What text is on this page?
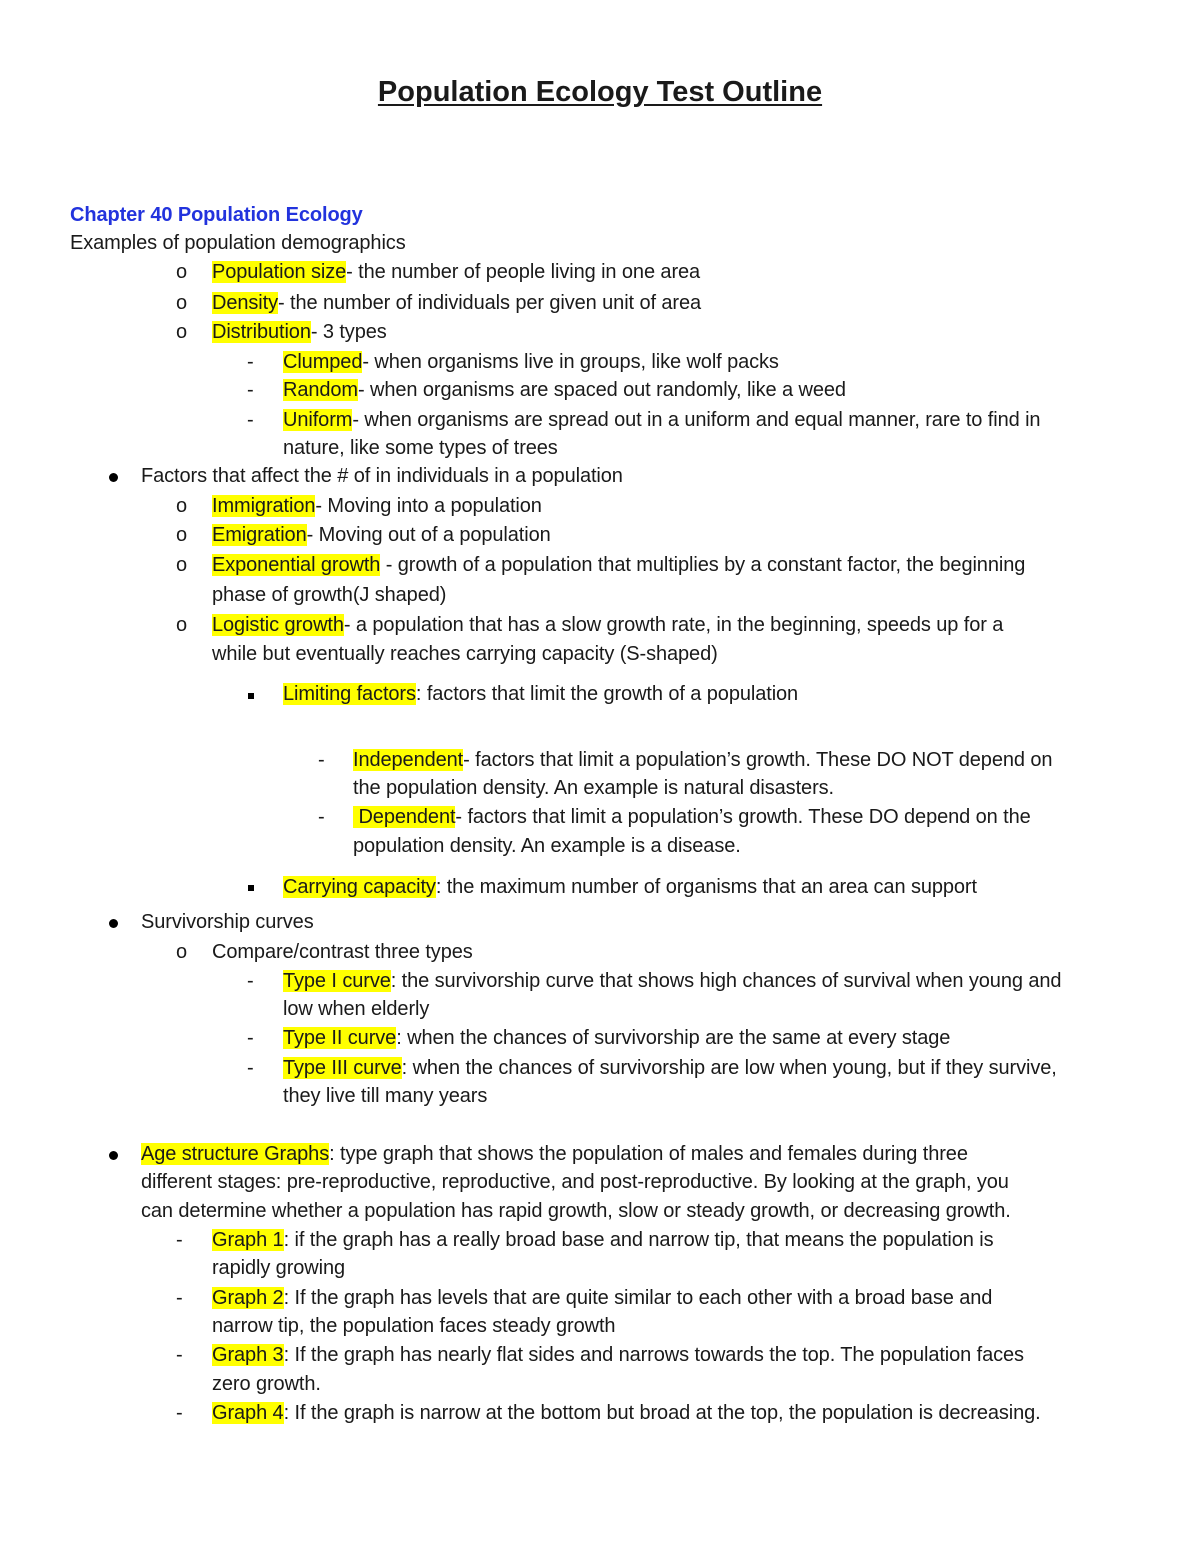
Population Ecology Test Outline
Chapter 40 Population Ecology
Examples of population demographics
o Population size- the number of people living in one area
o Density- the number of individuals per given unit of area
o Distribution- 3 types
- Clumped- when organisms live in groups, like wolf packs
- Random- when organisms are spaced out randomly, like a weed
- Uniform- when organisms are spread out in a uniform and equal manner, rare to find in
nature, like some types of trees
Factors that affect the # of in individuals in a population
o Immigration- Moving into a population
o Emigration- Moving out of a population
o Exponential growth - growth of a population that multiplies by a constant factor, the beginning
phase of growth(J shaped)
o Logistic growth- a population that has a slow growth rate, in the beginning, speeds up for a
while but eventually reaches carrying capacity (S-shaped)
Limiting factors: factors that limit the growth of a population
- Independent- factors that limit a population’s growth. These DO NOT depend on
the population density. An example is natural disasters.
- Dependent- factors that limit a population’s growth. These DO depend on the
population density. An example is a disease.
Carrying capacity: the maximum number of organisms that an area can support
Survivorship curves
o Compare/contrast three types
- Type I curve: the survivorship curve that shows high chances of survival when young and
low when elderly
- Type II curve: when the chances of survivorship are the same at every stage
- Type III curve: when the chances of survivorship are low when young, but if they survive,
they live till many years
Age structure Graphs: type graph that shows the population of males and females during three
different stages: pre-reproductive, reproductive, and post-reproductive. By looking at the graph, you
can determine whether a population has rapid growth, slow or steady growth, or decreasing growth.
- Graph 1: if the graph has a really broad base and narrow tip, that means the population is
rapidly growing
- Graph 2: If the graph has levels that are quite similar to each other with a broad base and
narrow tip, the population faces steady growth
- Graph 3: If the graph has nearly flat sides and narrows towards the top. The population faces
zero growth.
- Graph 4: If the graph is narrow at the bottom but broad at the top, the population is decreasing.
